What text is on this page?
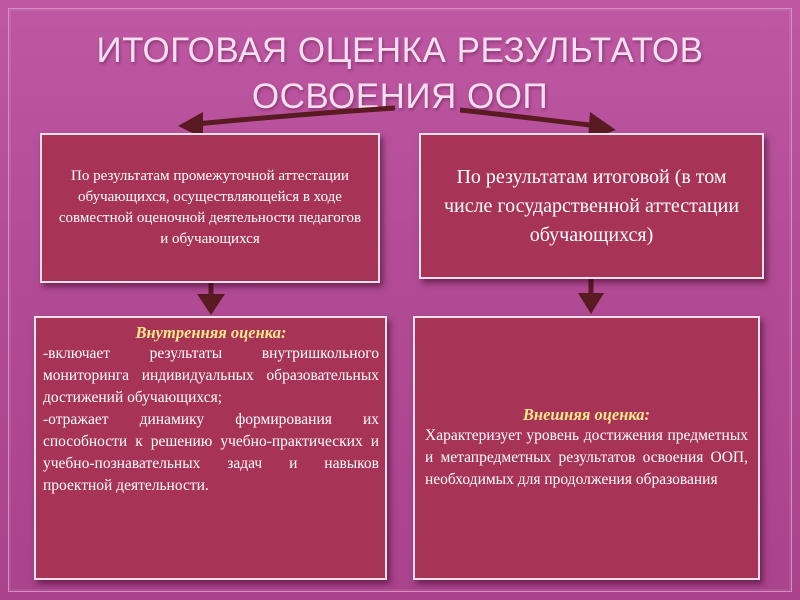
ИТОГОВАЯ ОЦЕНКА РЕЗУЛЬТАТОВ
ОСВОЕНИЯ ООП
По результатам промежуточной аттестации обучающихся, осуществляющейся в ходе совместной оценочной деятельности педагогов и обучающихся
По результатам итоговой (в том числе государственной аттестации обучающихся)
Внутренняя оценка:
-включает результаты внутришкольного мониторинга индивидуальных образовательных достижений обучающихся;
-отражает динамику формирования их способности к решению учебно-практических и учебно-познавательных задач и навыков проектной деятельности.
Внешняя оценка:
Характеризует уровень достижения предметных и метапредметных результатов освоения ООП, необходимых для продолжения образования
